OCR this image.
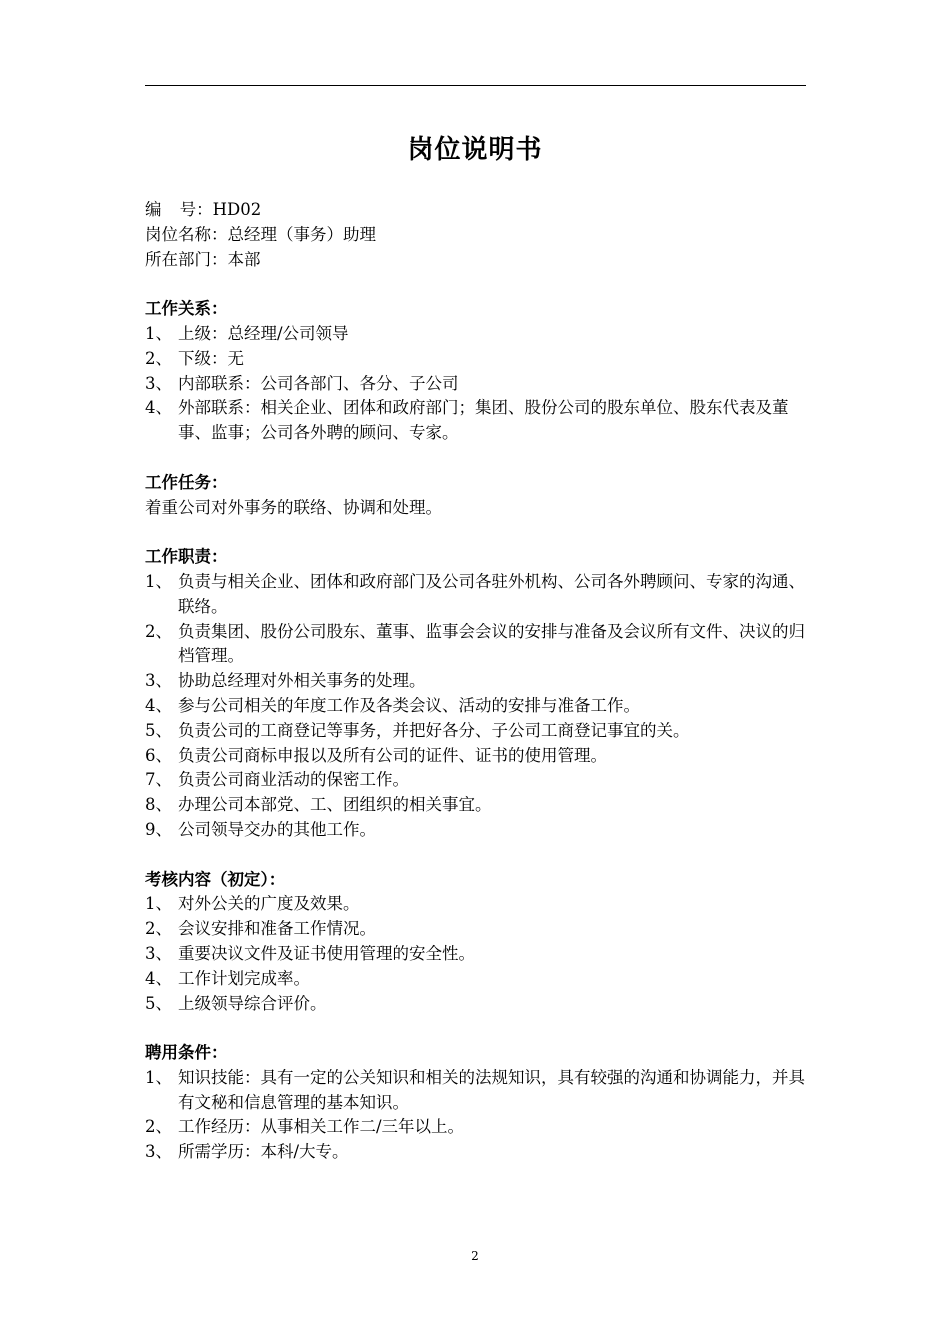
岗位说明书

编 号：HD02

岗位名称：总经理（事务）助理

所在部门：本部

工作关系：

1、 上级：总经理/公司领导
2、 下级：无
3、 内部联系：公司各部门、各分、子公司
4、 外部联系：相关企业、团体和政府部门；集团、股份公司的股东单位、股东代表及董事、监事；公司各外聘的顾问、专家。

工作任务：

着重公司对外事务的联络、协调和处理。

工作职责：

1、 负责与相关企业、团体和政府部门及公司各驻外机构、公司各外聘顾问、专家的沟通、联络。
2、 负责集团、股份公司股东、董事、监事会会议的安排与准备及会议所有文件、决议的归档管理。
3、 协助总经理对外相关事务的处理。
4、 参与公司相关的年度工作及各类会议、活动的安排与准备工作。
5、 负责公司的工商登记等事务，并把好各分、子公司工商登记事宜的关。
6、 负责公司商标申报以及所有公司的证件、证书的使用管理。
7、 负责公司商业活动的保密工作。
8、 办理公司本部党、工、团组织的相关事宜。
9、 公司领导交办的其他工作。

考核内容（初定）：

1、 对外公关的广度及效果。
2、 会议安排和准备工作情况。
3、 重要决议文件及证书使用管理的安全性。
4、 工作计划完成率。
5、 上级领导综合评价。

聘用条件：

1、 知识技能：具有一定的公关知识和相关的法规知识，具有较强的沟通和协调能力，并具有文秘和信息管理的基本知识。
2、 工作经历：从事相关工作二/三年以上。
3、 所需学历：本科/大专。
2
